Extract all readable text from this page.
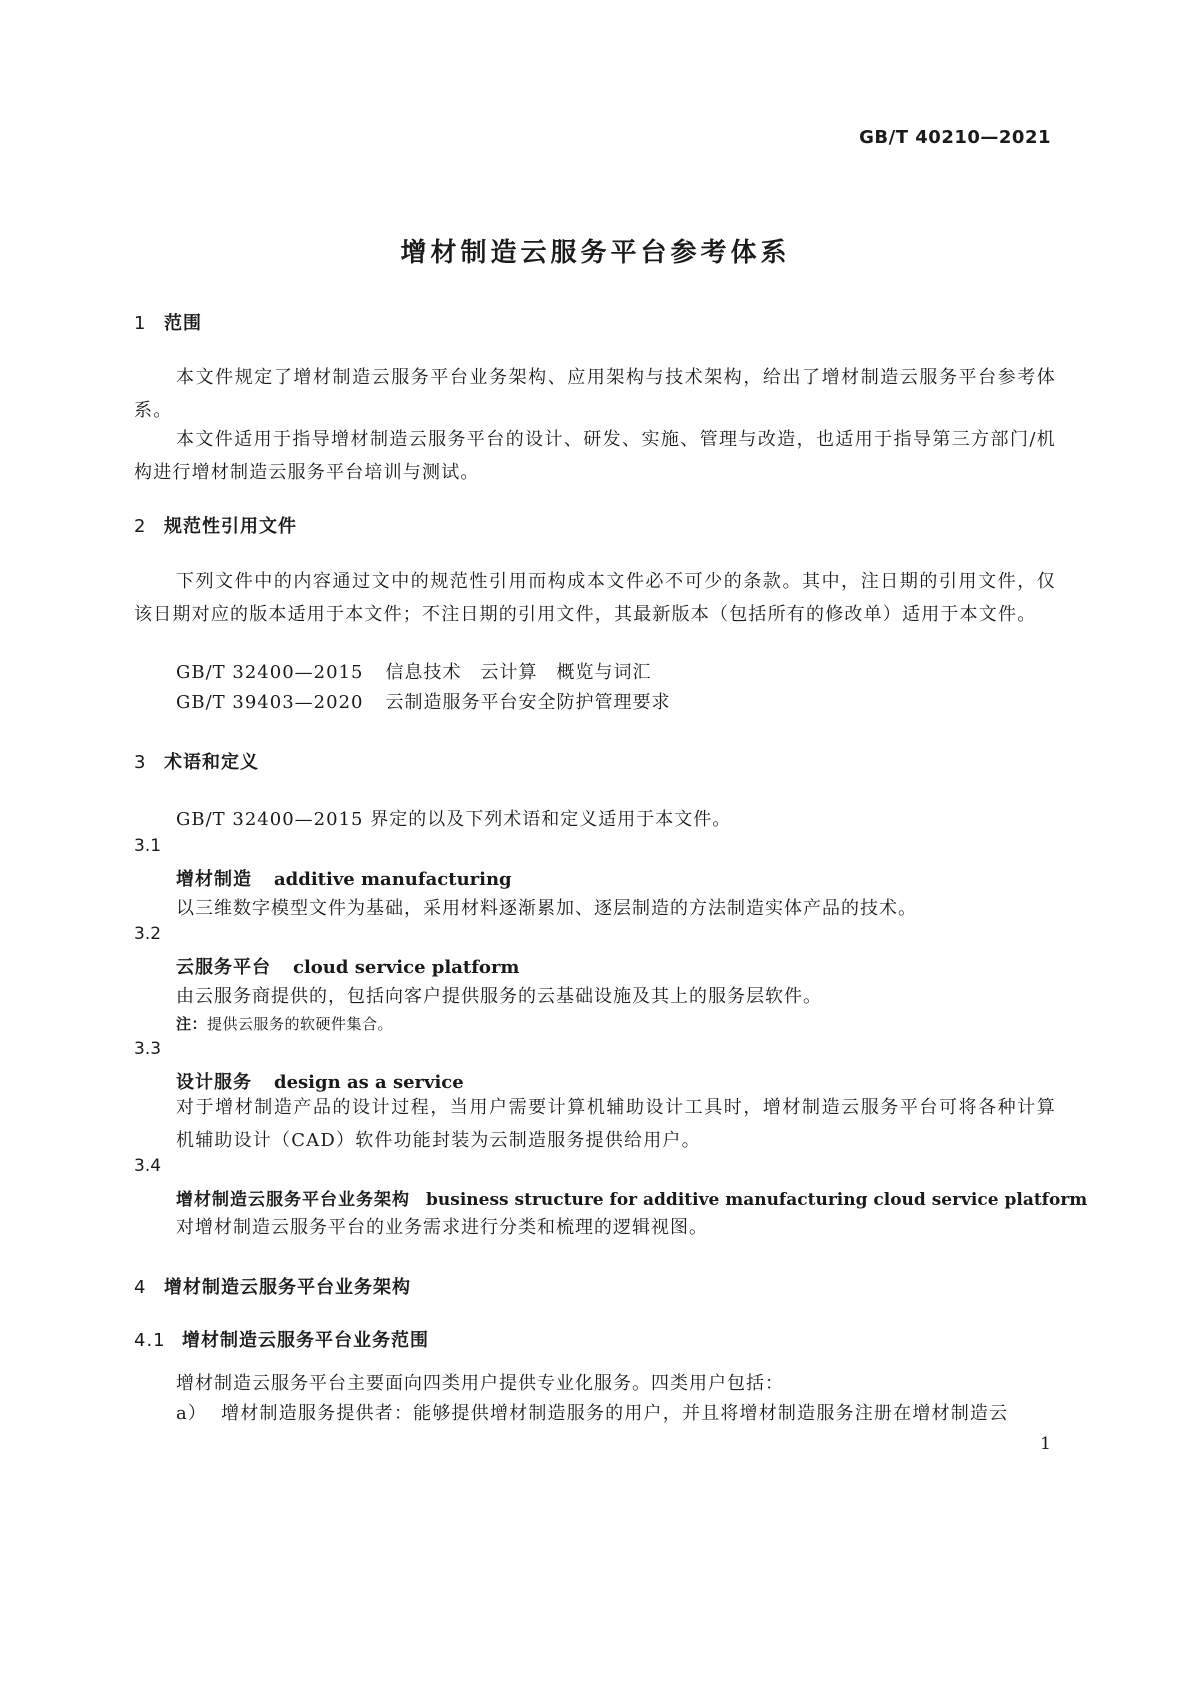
GB/T 40210—2021
增材制造云服务平台参考体系
1 范围
本文件规定了增材制造云服务平台业务架构、应用架构与技术架构，给出了增材制造云服务平台参考体系。
本文件适用于指导增材制造云服务平台的设计、研发、实施、管理与改造，也适用于指导第三方部门/机构进行增材制造云服务平台培训与测试。
2 规范性引用文件
下列文件中的内容通过文中的规范性引用而构成本文件必不可少的条款。其中，注日期的引用文件，仅该日期对应的版本适用于本文件；不注日期的引用文件，其最新版本（包括所有的修改单）适用于本文件。
GB/T 32400—2015 信息技术　云计算　概览与词汇
GB/T 39403—2020 云制造服务平台安全防护管理要求
3 术语和定义
GB/T 32400—2015 界定的以及下列术语和定义适用于本文件。
3.1
增材制造 additive manufacturing
以三维数字模型文件为基础，采用材料逐渐累加、逐层制造的方法制造实体产品的技术。
3.2
云服务平台 cloud service platform
由云服务商提供的，包括向客户提供服务的云基础设施及其上的服务层软件。
注：提供云服务的软硬件集合。
3.3
设计服务 design as a service
对于增材制造产品的设计过程，当用户需要计算机辅助设计工具时，增材制造云服务平台可将各种计算机辅助设计（CAD）软件功能封装为云制造服务提供给用户。
3.4
增材制造云服务平台业务架构 business structure for additive manufacturing cloud service platform
对增材制造云服务平台的业务需求进行分类和梳理的逻辑视图。
4 增材制造云服务平台业务架构
4.1 增材制造云服务平台业务范围
增材制造云服务平台主要面向四类用户提供专业化服务。四类用户包括：
a） 增材制造服务提供者：能够提供增材制造服务的用户，并且将增材制造服务注册在增材制造云
1
